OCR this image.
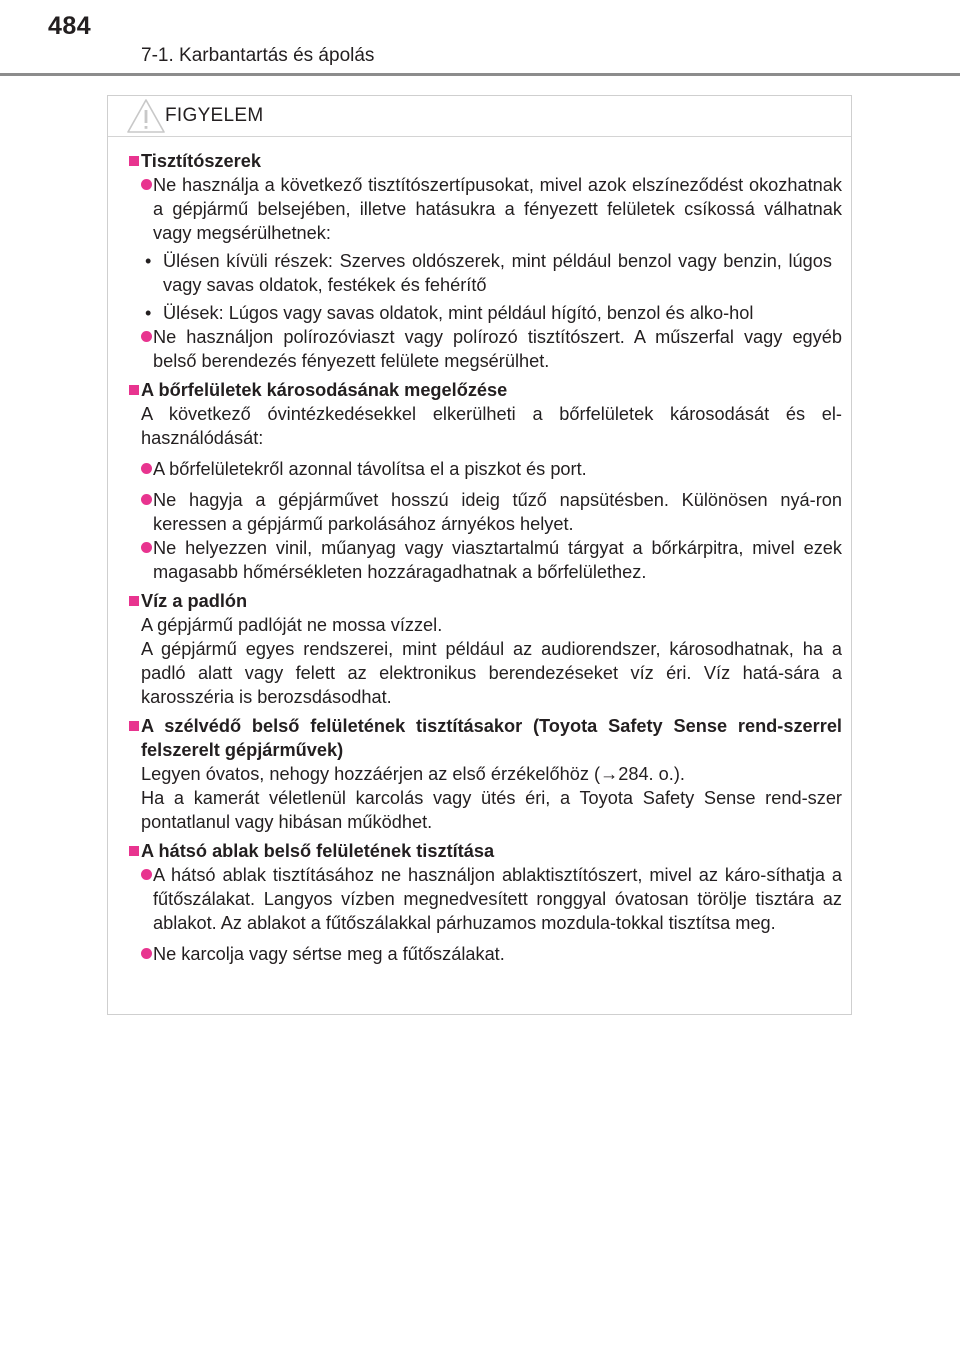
484
7-1. Karbantartás és ápolás
FIGYELEM
Tisztítószerek
Ne használja a következő tisztítószertípusokat, mivel azok elszíneződést okozhatnak a gépjármű belsejében, illetve hatásukra a fényezett felületek csíkossá válhatnak vagy megsérülhetnek:
• Ülésen kívüli részek: Szerves oldószerek, mint például benzol vagy benzin, lúgos vagy savas oldatok, festékek és fehérítő
• Ülések: Lúgos vagy savas oldatok, mint például hígító, benzol és alko-hol
Ne használjon polírozóviaszt vagy polírozó tisztítószert. A műszerfal vagy egyéb belső berendezés fényezett felülete megsérülhet.
A bőrfelületek károsodásának megelőzése
A következő óvintézkedésekkel elkerülheti a bőrfelületek károsodását és el-használódását:
A bőrfelületekről azonnal távolítsa el a piszkot és port.
Ne hagyja a gépjárművet hosszú ideig tűző napsütésben. Különösen nyá-ron keressen a gépjármű parkolásához árnyékos helyet.
Ne helyezzen vinil, műanyag vagy viasztartalmú tárgyat a bőrkárpitra, mivel ezek magasabb hőmérsékleten hozzáragadhatnak a bőrfelülethez.
Víz a padlón
A gépjármű padlóját ne mossa vízzel.
A gépjármű egyes rendszerei, mint például az audiorendszer, károsodhatnak, ha a padló alatt vagy felett az elektronikus berendezéseket víz éri. Víz hatá-sára a karosszéria is berozsdásodhat.
A szélvédő belső felületének tisztításakor (Toyota Safety Sense rend-szerrel felszerelt gépjárművek)
Legyen óvatos, nehogy hozzáérjen az első érzékelőhöz (→284. o.).
Ha a kamerát véletlenül karcolás vagy ütés éri, a Toyota Safety Sense rend-szer pontatlanul vagy hibásan működhet.
A hátsó ablak belső felületének tisztítása
A hátsó ablak tisztításához ne használjon ablaktisztítószert, mivel az káro-síthatja a fűtőszálakat. Langyos vízben megnedvesített ronggyal óvatosan törölje tisztára az ablakot. Az ablakot a fűtőszálakkal párhuzamos mozdula-tokkal tisztítsa meg.
Ne karcolja vagy sértse meg a fűtőszálakat.
